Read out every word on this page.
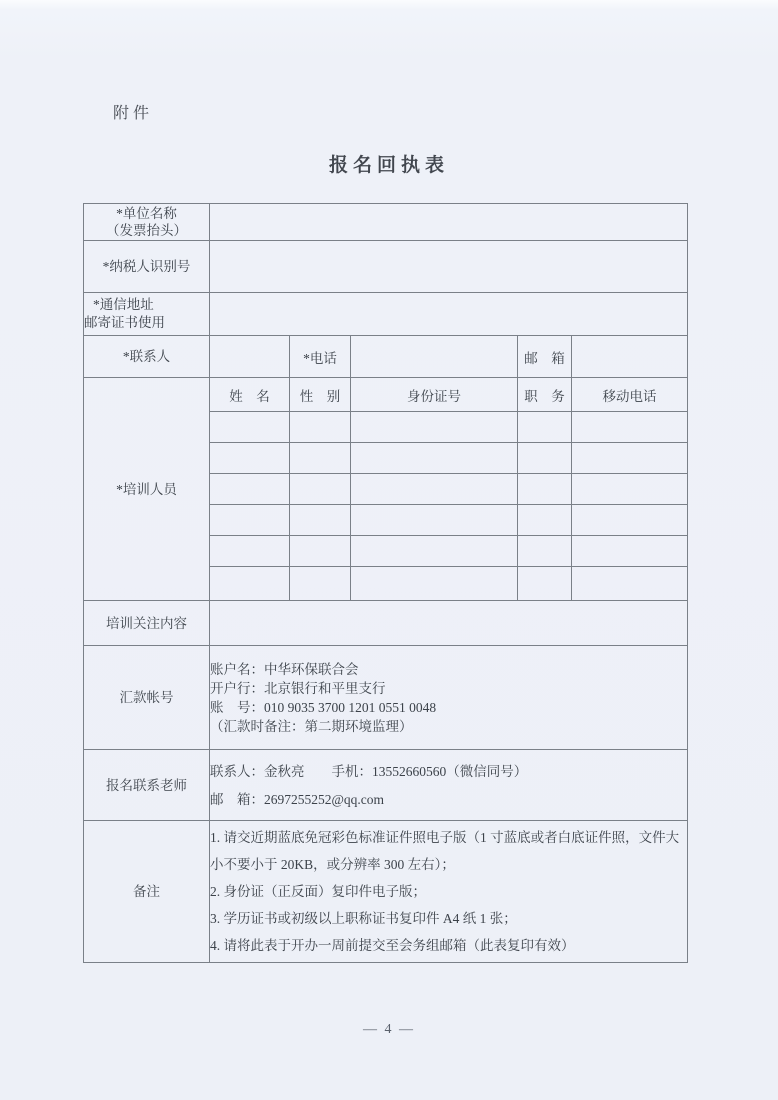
附件
报名回执表
*单位名称
（发票抬头）					

*纳税人识别号					

*通信地址
邮寄证书使用					
*联系人		*电话		邮　箱	
*培训人员	姓　名	性　别	身份证号	职　务	移动电话

培训关注内容					
汇款帐号	账户名：中华环保联合会

开户行：北京银行和平里支行

账　号：010 9035 3700 1201 0551 0048

（汇款时备注：第二期环境监理）				

报名联系老师	联系人：金秋亮　　手机：13552660560（微信同号）

邮　箱：2697255252@qq.com				

备注	1. 请交近期蓝底免冠彩色标准证件照电子版（1 寸蓝底或者白底证件照，文件大小不要小于 20KB，或分辨率 300 左右）；

2. 身份证（正反面）复印件电子版；

3. 学历证书或初级以上职称证书复印件 A4 纸 1 张；

4. 请将此表于开办一周前提交至会务组邮箱（此表复印有效）				

— 4 —
